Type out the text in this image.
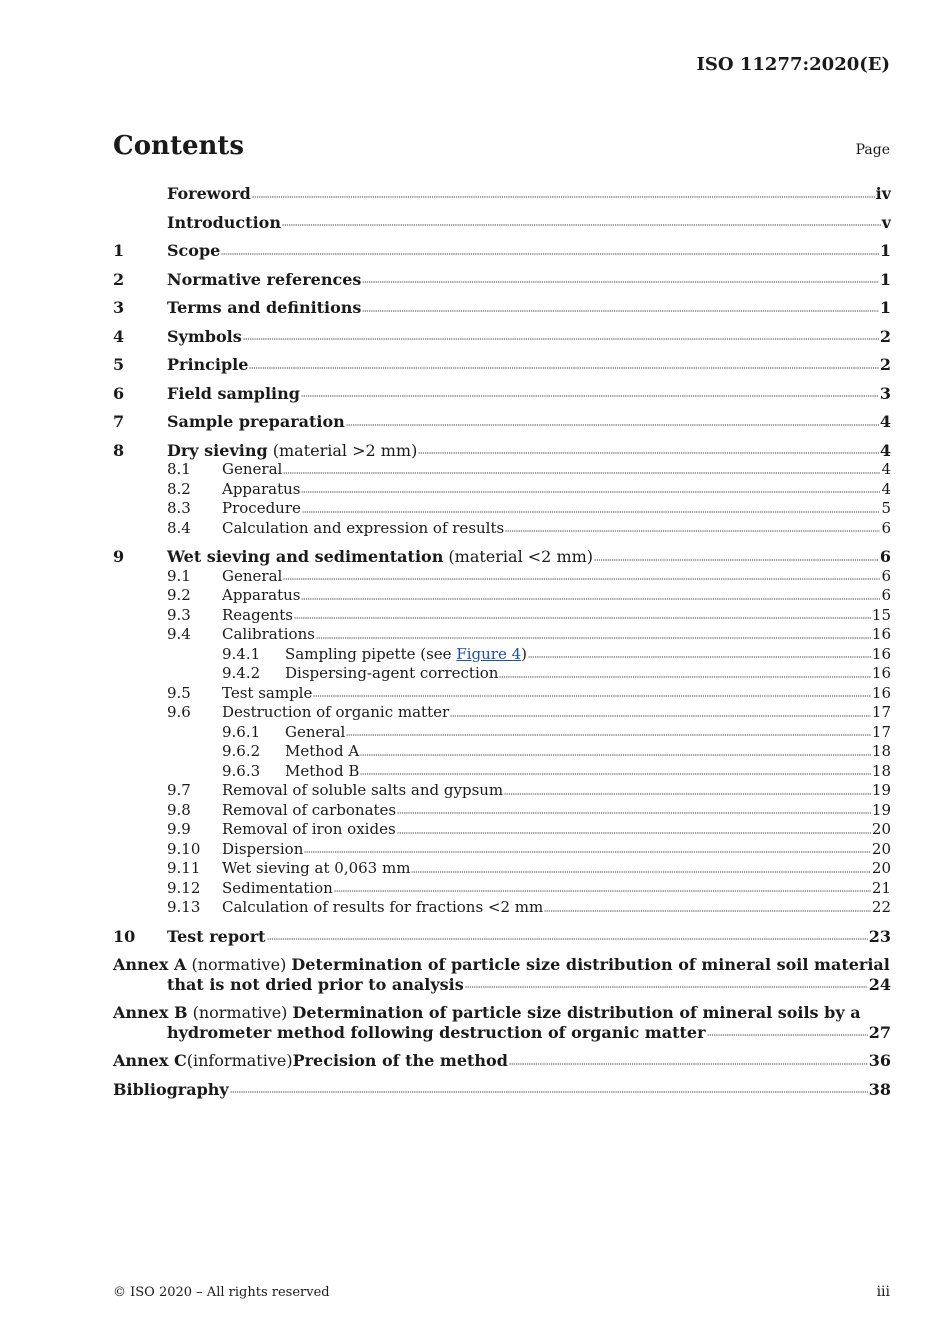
ISO 11277:2020(E)
Contents	Page
Foreword	iv
Introduction	v
1	Scope	1
2	Normative references	1
3	Terms and definitions	1
4	Symbols	2
5	Principle	2
6	Field sampling	3
7	Sample preparation	4
8	Dry sieving (material >2 mm)	4
8.1	General	4
8.2	Apparatus	4
8.3	Procedure	5
8.4	Calculation and expression of results	6
9	Wet sieving and sedimentation (material <2 mm)	6
9.1	General	6
9.2	Apparatus	6
9.3	Reagents	15
9.4	Calibrations	16
9.4.1	Sampling pipette (see Figure 4)	16
9.4.2	Dispersing-agent correction	16
9.5	Test sample	16
9.6	Destruction of organic matter	17
9.6.1	General	17
9.6.2	Method A	18
9.6.3	Method B	18
9.7	Removal of soluble salts and gypsum	19
9.8	Removal of carbonates	19
9.9	Removal of iron oxides	20
9.10	Dispersion	20
9.11	Wet sieving at 0,063 mm	20
9.12	Sedimentation	21
9.13	Calculation of results for fractions <2 mm	22
10	Test report	23
Annex A (normative) Determination of particle size distribution of mineral soil material
that is not dried prior to analysis	24
Annex B (normative) Determination of particle size distribution of mineral soils by a
hydrometer method following destruction of organic matter	27
Annex C (informative) Precision of the method	36
Bibliography	38
© ISO 2020 – All rights reserved	iii
